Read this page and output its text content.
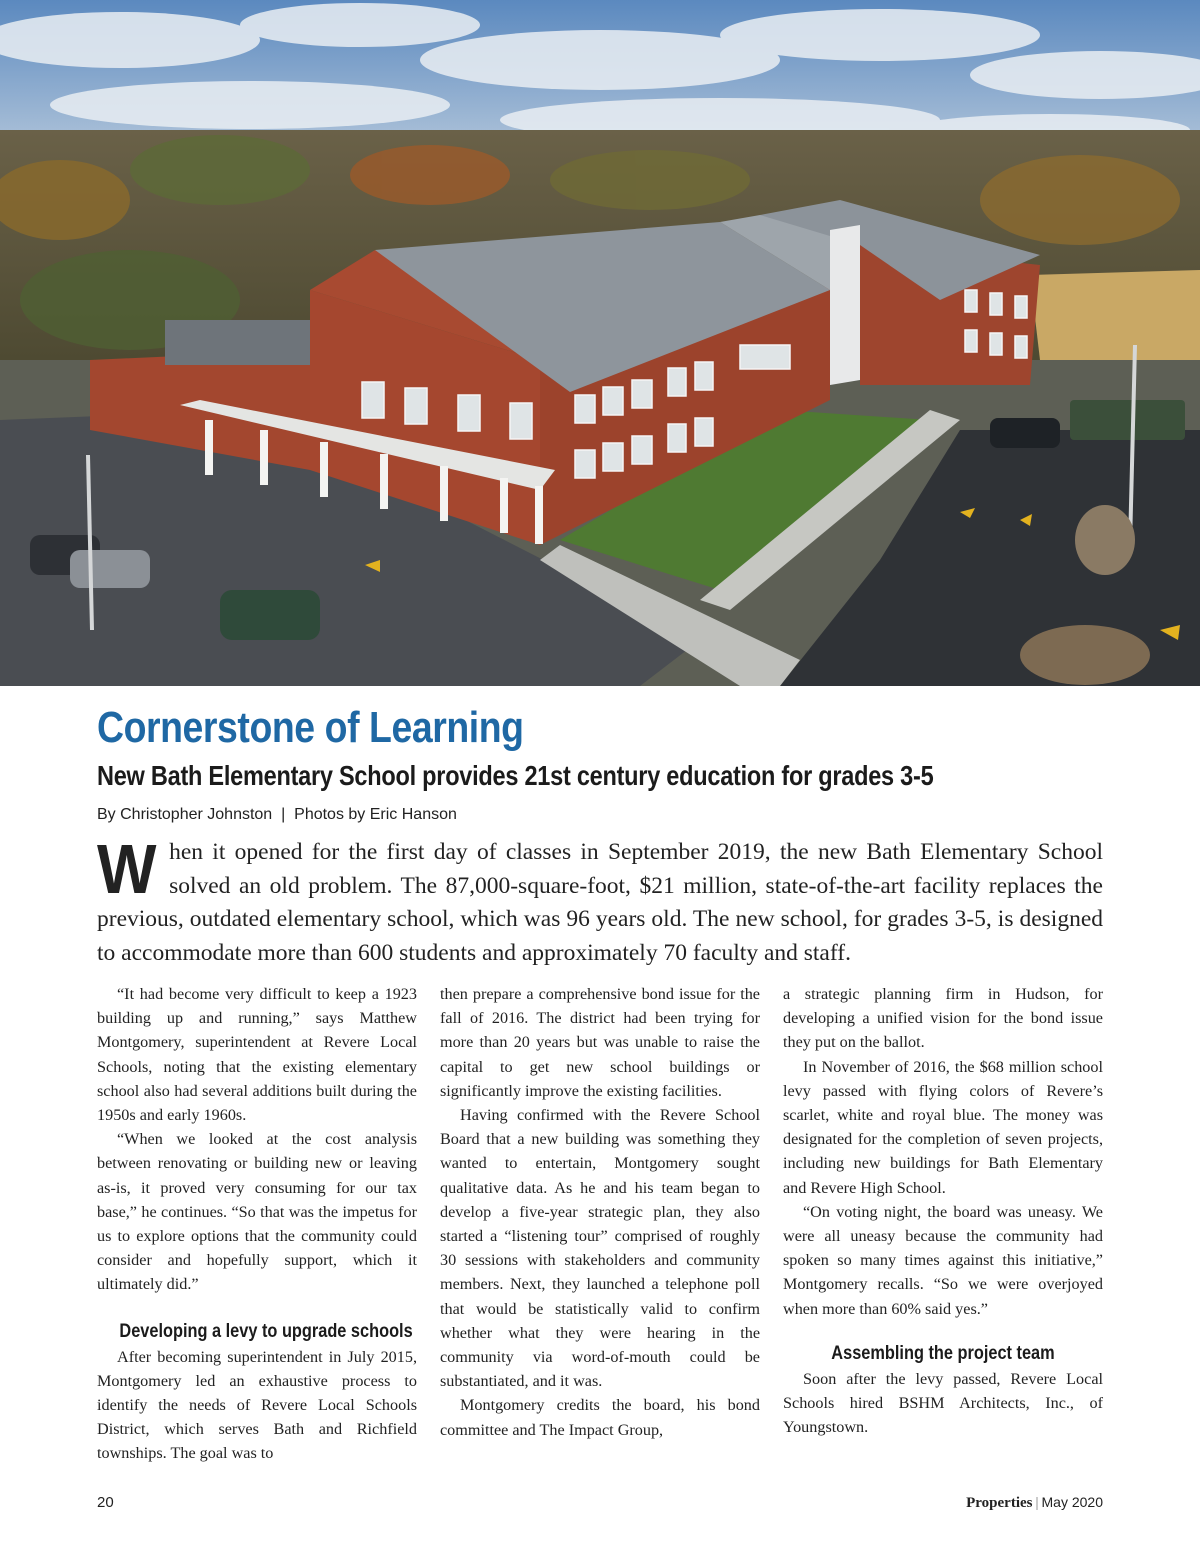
Cornerstone of Learning
New Bath Elementary School provides 21st century education for grades 3-5
By Christopher Johnston  |  Photos by Eric Hanson
W hen it opened for the first day of classes in September 2019, the new Bath Elementary School solved an old problem. The 87,000-square-foot, $21 million, state-of-the-art facility replaces the previous, outdated elementary school, which was 96 years old. The new school, for grades 3-5, is designed to accommodate more than 600 students and approximately 70 faculty and staff.

“It had become very difficult to keep a 1923 building up and running,” says Matthew Montgomery, superintendent at Revere Local Schools, noting that the existing elementary school also had several additions built during the 1950s and early 1960s.

“When we looked at the cost analysis between renovating or building new or leaving as-is, it proved very consuming for our tax base,” he continues. “So that was the impetus for us to explore options that the community could consider and hopefully support, which it ultimately did.”

Developing a levy to upgrade schools

After becoming superintendent in July 2015, Montgomery led an exhaustive process to identify the needs of Revere Local Schools District, which serves Bath and Richfield townships. The goal was to

then prepare a comprehensive bond issue for the fall of 2016. The district had been trying for more than 20 years but was unable to raise the capital to get new school buildings or significantly improve the existing facilities.

Having confirmed with the Revere School Board that a new building was something they wanted to entertain, Montgomery sought qualitative data. As he and his team began to develop a five-year strategic plan, they also started a “listening tour” comprised of roughly 30 sessions with stakeholders and community members. Next, they launched a telephone poll that would be statistically valid to confirm whether what they were hearing in the community via word-of-mouth could be substantiated, and it was.

Montgomery credits the board, his bond committee and The Impact Group,

a strategic planning firm in Hudson, for developing a unified vision for the bond issue they put on the ballot.

In November of 2016, the $68 million school levy passed with flying colors of Revere’s scarlet, white and royal blue. The money was designated for the completion of seven projects, including new buildings for Bath Elementary and Revere High School.

“On voting night, the board was uneasy. We were all uneasy because the community had spoken so many times against this initiative,” Montgomery recalls. “So we were overjoyed when more than 60% said yes.”

Assembling the project team

Soon after the levy passed, Revere Local Schools hired BSHM Architects, Inc., of Youngstown.

20	Properties | May 2020
